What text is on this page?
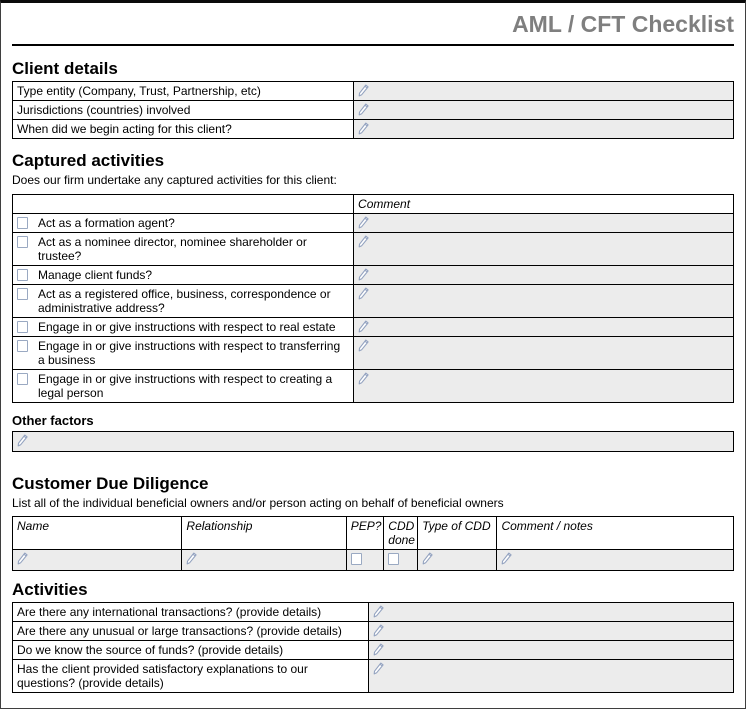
AML / CFT Checklist
Client details
Type entity (Company, Trust, Partnership, etc)	
Jurisdictions (countries) involved	
When did we begin acting for this client?	
Captured activities

Does our firm undertake any captured activities for this client:

	Comment

Act as a formation agent?

Act as a nominee director, nominee shareholder or trustee?

Manage client funds?

Act as a registered office, business, correspondence or administrative address?

Engage in or give instructions with respect to real estate

Engage in or give instructions with respect to transferring a business

Engage in or give instructions with respect to creating a legal person

Other factors
Customer Due Diligence

List all of the individual beneficial owners and/or person acting on behalf of beneficial owners

Name	Relationship	PEP?	CDD done	Type of CDD	Comment / notes

Activities
Are there any international transactions? (provide details)	
Are there any unusual or large transactions? (provide details)	
Do we know the source of funds? (provide details)	
Has the client provided satisfactory explanations to our questions? (provide details)	
